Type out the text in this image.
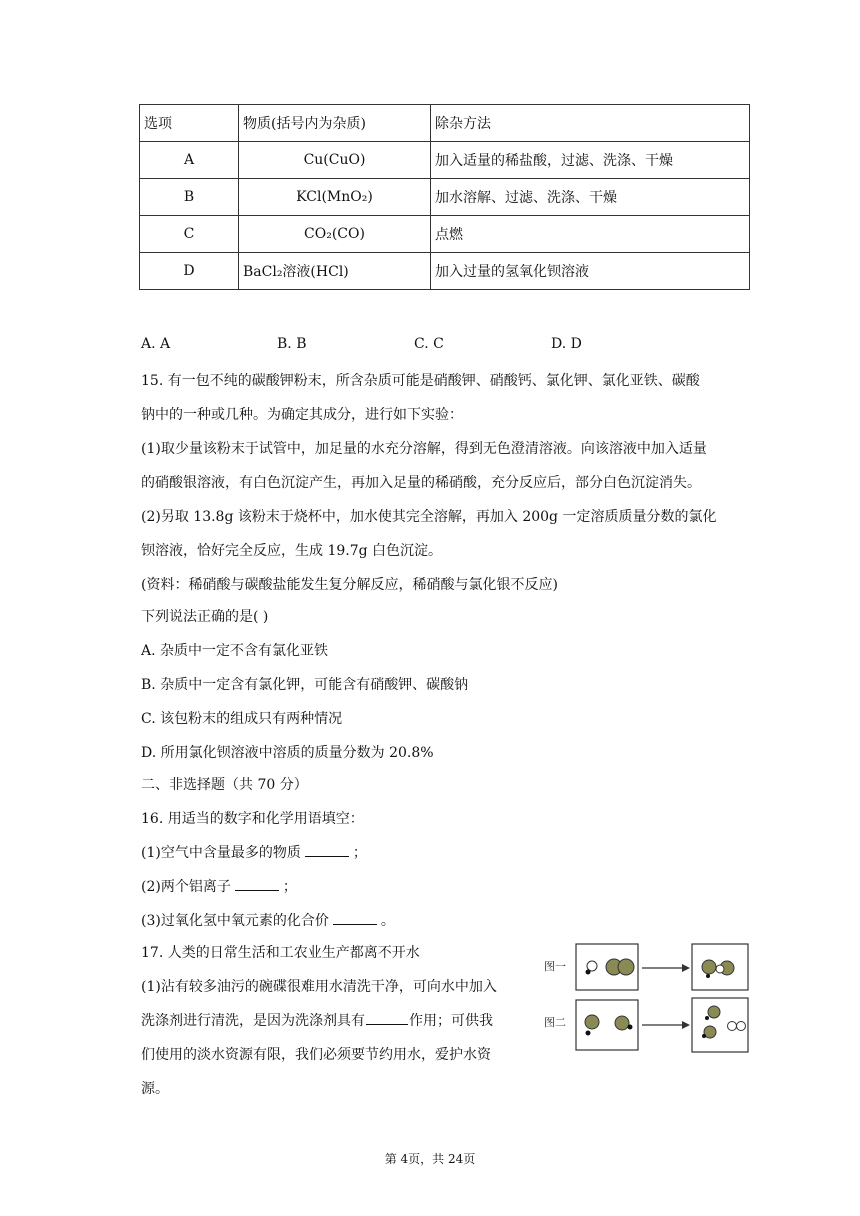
选项	物质(括号内为杂质)	除杂方法
A	Cu(CuO)	加入适量的稀盐酸，过滤、洗涤、干燥
B	KCl(MnO₂)	加水溶解、过滤、洗涤、干燥
C	CO₂(CO)	点燃
D	BaCl₂溶液(HCl)	加入过量的氢氧化钡溶液
A. A	B. B	C. C	D. D
15. 有一包不纯的碳酸钾粉末，所含杂质可能是硝酸钾、硝酸钙、氯化钾、氯化亚铁、碳酸
钠中的一种或几种。为确定其成分，进行如下实验：
(1)取少量该粉末于试管中，加足量的水充分溶解，得到无色澄清溶液。向该溶液中加入适量
的硝酸银溶液，有白色沉淀产生，再加入足量的稀硝酸，充分反应后，部分白色沉淀消失。
(2)另取 13.8g 该粉末于烧杯中，加水使其完全溶解，再加入 200g 一定溶质质量分数的氯化
钡溶液，恰好完全反应，生成 19.7g 白色沉淀。
(资料：稀硝酸与碳酸盐能发生复分解反应，稀硝酸与氯化银不反应)
下列说法正确的是( )
A. 杂质中一定不含有氯化亚铁
B. 杂质中一定含有氯化钾，可能含有硝酸钾、碳酸钠
C. 该包粉末的组成只有两种情况
D. 所用氯化钡溶液中溶质的质量分数为 20.8%
二、非选择题（共 70 分）
16. 用适当的数字和化学用语填空：
(1)空气中含量最多的物质	；
(2)两个铝离子	；
(3)过氧化氢中氧元素的化合价	。
17. 人类的日常生活和工农业生产都离不开水
(1)沾有较多油污的碗碟很难用水清洗干净，可向水中加入
洗涤剂进行清洗，是因为洗涤剂具有	作用；可供我
们使用的淡水资源有限，我们必须要节约用水，爱护水资
源。
图一
图二
第 4页，共 24页
